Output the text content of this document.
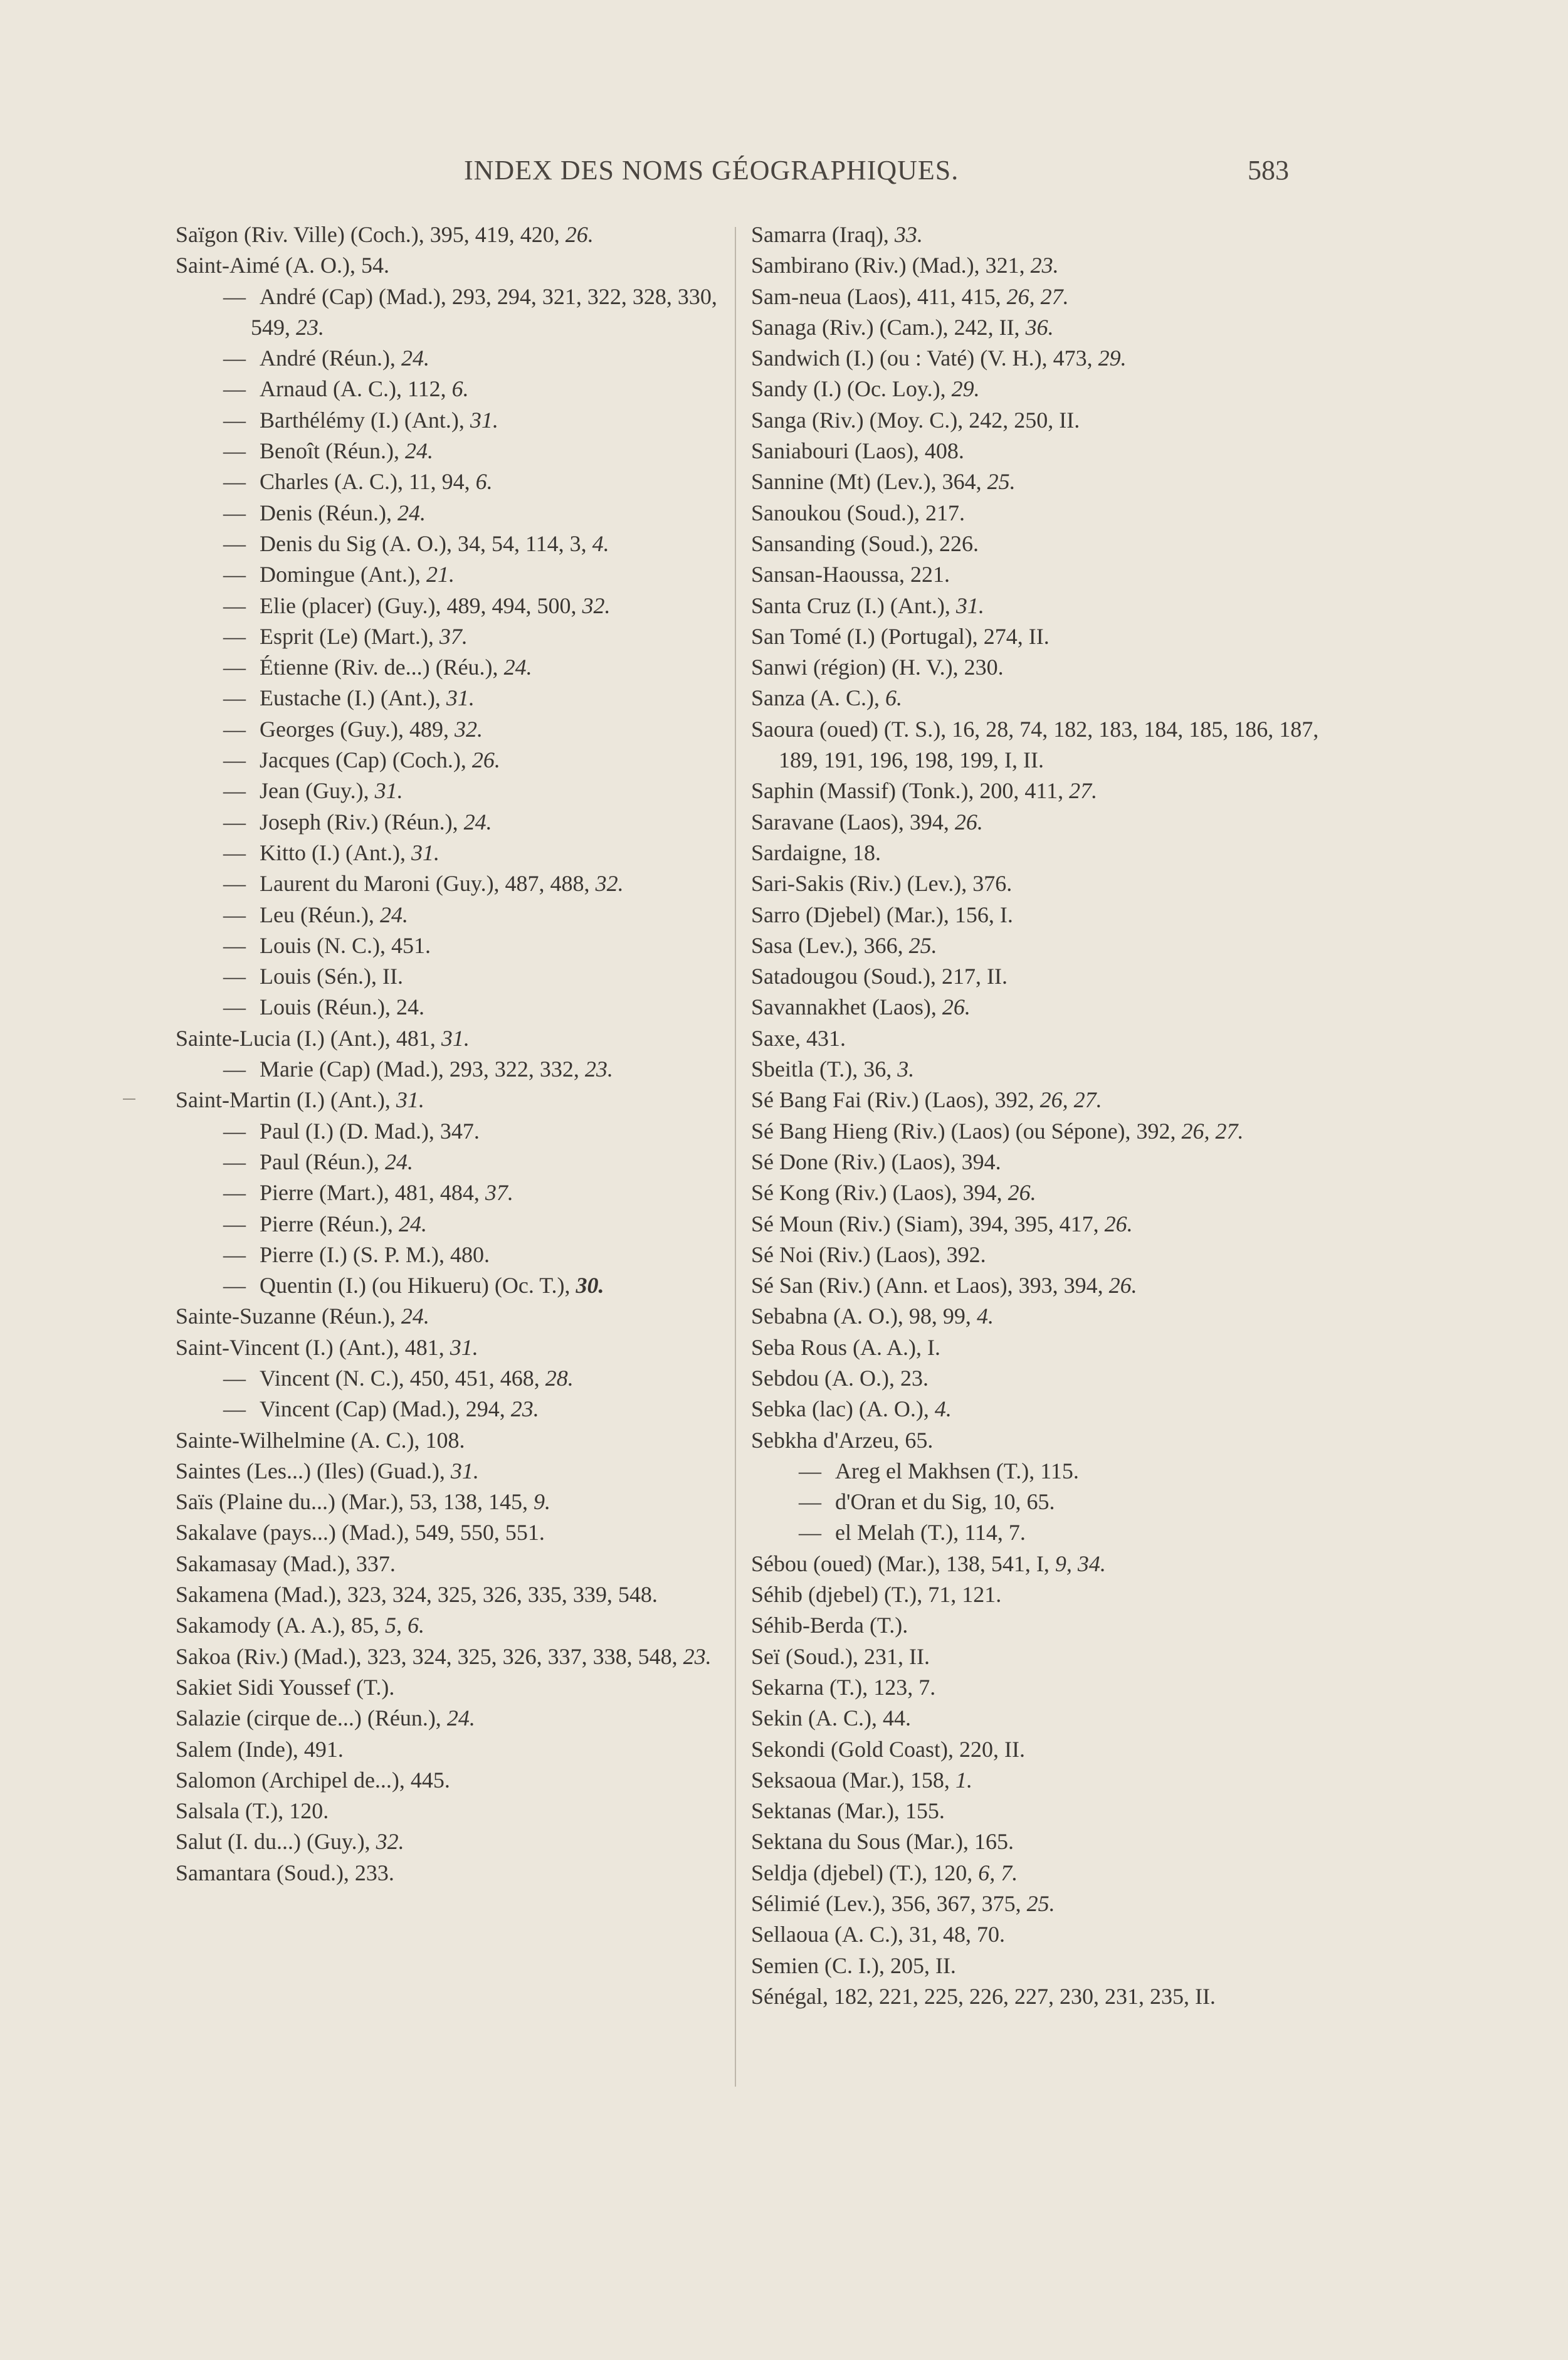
INDEX DES NOMS GÉOGRAPHIQUES.	583

Saïgon (Riv. Ville) (Coch.), 395, 419, 420, 26.

Saint-Aimé (A. O.), 54.

— André (Cap) (Mad.), 293, 294, 321, 322, 328, 330, 549, 23.

— André (Réun.), 24.

— Arnaud (A. C.), 112, 6.

— Barthélémy (I.) (Ant.), 31.

— Benoît (Réun.), 24.

— Charles (A. C.), 11, 94, 6.

— Denis (Réun.), 24.

— Denis du Sig (A. O.), 34, 54, 114, 3, 4.

— Domingue (Ant.), 21.

— Elie (placer) (Guy.), 489, 494, 500, 32.

— Esprit (Le) (Mart.), 37.

— Étienne (Riv. de...) (Réu.), 24.

— Eustache (I.) (Ant.), 31.

— Georges (Guy.), 489, 32.

— Jacques (Cap) (Coch.), 26.

— Jean (Guy.), 31.

— Joseph (Riv.) (Réun.), 24.

— Kitto (I.) (Ant.), 31.

— Laurent du Maroni (Guy.), 487, 488, 32.

— Leu (Réun.), 24.

— Louis (N. C.), 451.

— Louis (Sén.), II.

— Louis (Réun.), 24.

Sainte-Lucia (I.) (Ant.), 481, 31.

— Marie (Cap) (Mad.), 293, 322, 332, 23.

Saint-Martin (I.) (Ant.), 31.

— Paul (I.) (D. Mad.), 347.

— Paul (Réun.), 24.

— Pierre (Mart.), 481, 484, 37.

— Pierre (Réun.), 24.

— Pierre (I.) (S. P. M.), 480.

— Quentin (I.) (ou Hikueru) (Oc. T.), 30.

Sainte-Suzanne (Réun.), 24.

Saint-Vincent (I.) (Ant.), 481, 31.

— Vincent (N. C.), 450, 451, 468, 28.

— Vincent (Cap) (Mad.), 294, 23.

Sainte-Wilhelmine (A. C.), 108.

Saintes (Les...) (Iles) (Guad.), 31.

Saïs (Plaine du...) (Mar.), 53, 138, 145, 9.

Sakalave (pays...) (Mad.), 549, 550, 551.

Sakamasay (Mad.), 337.

Sakamena (Mad.), 323, 324, 325, 326, 335, 339, 548.

Sakamody (A. A.), 85, 5, 6.

Sakoa (Riv.) (Mad.), 323, 324, 325, 326, 337, 338, 548, 23.

Sakiet Sidi Youssef (T.).

Salazie (cirque de...) (Réun.), 24.

Salem (Inde), 491.

Salomon (Archipel de...), 445.

Salsala (T.), 120.

Salut (I. du...) (Guy.), 32.

Samantara (Soud.), 233.

Samarra (Iraq), 33.

Sambirano (Riv.) (Mad.), 321, 23.

Sam-neua (Laos), 411, 415, 26, 27.

Sanaga (Riv.) (Cam.), 242, II, 36.

Sandwich (I.) (ou : Vaté) (V. H.), 473, 29.

Sandy (I.) (Oc. Loy.), 29.

Sanga (Riv.) (Moy. C.), 242, 250, II.

Saniabouri (Laos), 408.

Sannine (Mt) (Lev.), 364, 25.

Sanoukou (Soud.), 217.

Sansanding (Soud.), 226.

Sansan-Haoussa, 221.

Santa Cruz (I.) (Ant.), 31.

San Tomé (I.) (Portugal), 274, II.

Sanwi (région) (H. V.), 230.

Sanza (A. C.), 6.

Saoura (oued) (T. S.), 16, 28, 74, 182, 183, 184, 185, 186, 187, 189, 191, 196, 198, 199, I, II.

Saphin (Massif) (Tonk.), 200, 411, 27.

Saravane (Laos), 394, 26.

Sardaigne, 18.

Sari-Sakis (Riv.) (Lev.), 376.

Sarro (Djebel) (Mar.), 156, I.

Sasa (Lev.), 366, 25.

Satadougou (Soud.), 217, II.

Savannakhet (Laos), 26.

Saxe, 431.

Sbeitla (T.), 36, 3.

Sé Bang Fai (Riv.) (Laos), 392, 26, 27.

Sé Bang Hieng (Riv.) (Laos) (ou Sépone), 392, 26, 27.

Sé Done (Riv.) (Laos), 394.

Sé Kong (Riv.) (Laos), 394, 26.

Sé Moun (Riv.) (Siam), 394, 395, 417, 26.

Sé Noi (Riv.) (Laos), 392.

Sé San (Riv.) (Ann. et Laos), 393, 394, 26.

Sebabna (A. O.), 98, 99, 4.

Seba Rous (A. A.), I.

Sebdou (A. O.), 23.

Sebka (lac) (A. O.), 4.

Sebkha d'Arzeu, 65.

— Areg el Makhsen (T.), 115.

— d'Oran et du Sig, 10, 65.

— el Melah (T.), 114, 7.

Sébou (oued) (Mar.), 138, 541, I, 9, 34.

Séhib (djebel) (T.), 71, 121.

Séhib-Berda (T.).

Seï (Soud.), 231, II.

Sekarna (T.), 123, 7.

Sekin (A. C.), 44.

Sekondi (Gold Coast), 220, II.

Seksaoua (Mar.), 158, 1.

Sektanas (Mar.), 155.

Sektana du Sous (Mar.), 165.

Seldja (djebel) (T.), 120, 6, 7.

Sélimié (Lev.), 356, 367, 375, 25.

Sellaoua (A. C.), 31, 48, 70.

Semien (C. I.), 205, II.

Sénégal, 182, 221, 225, 226, 227, 230, 231, 235, II.
